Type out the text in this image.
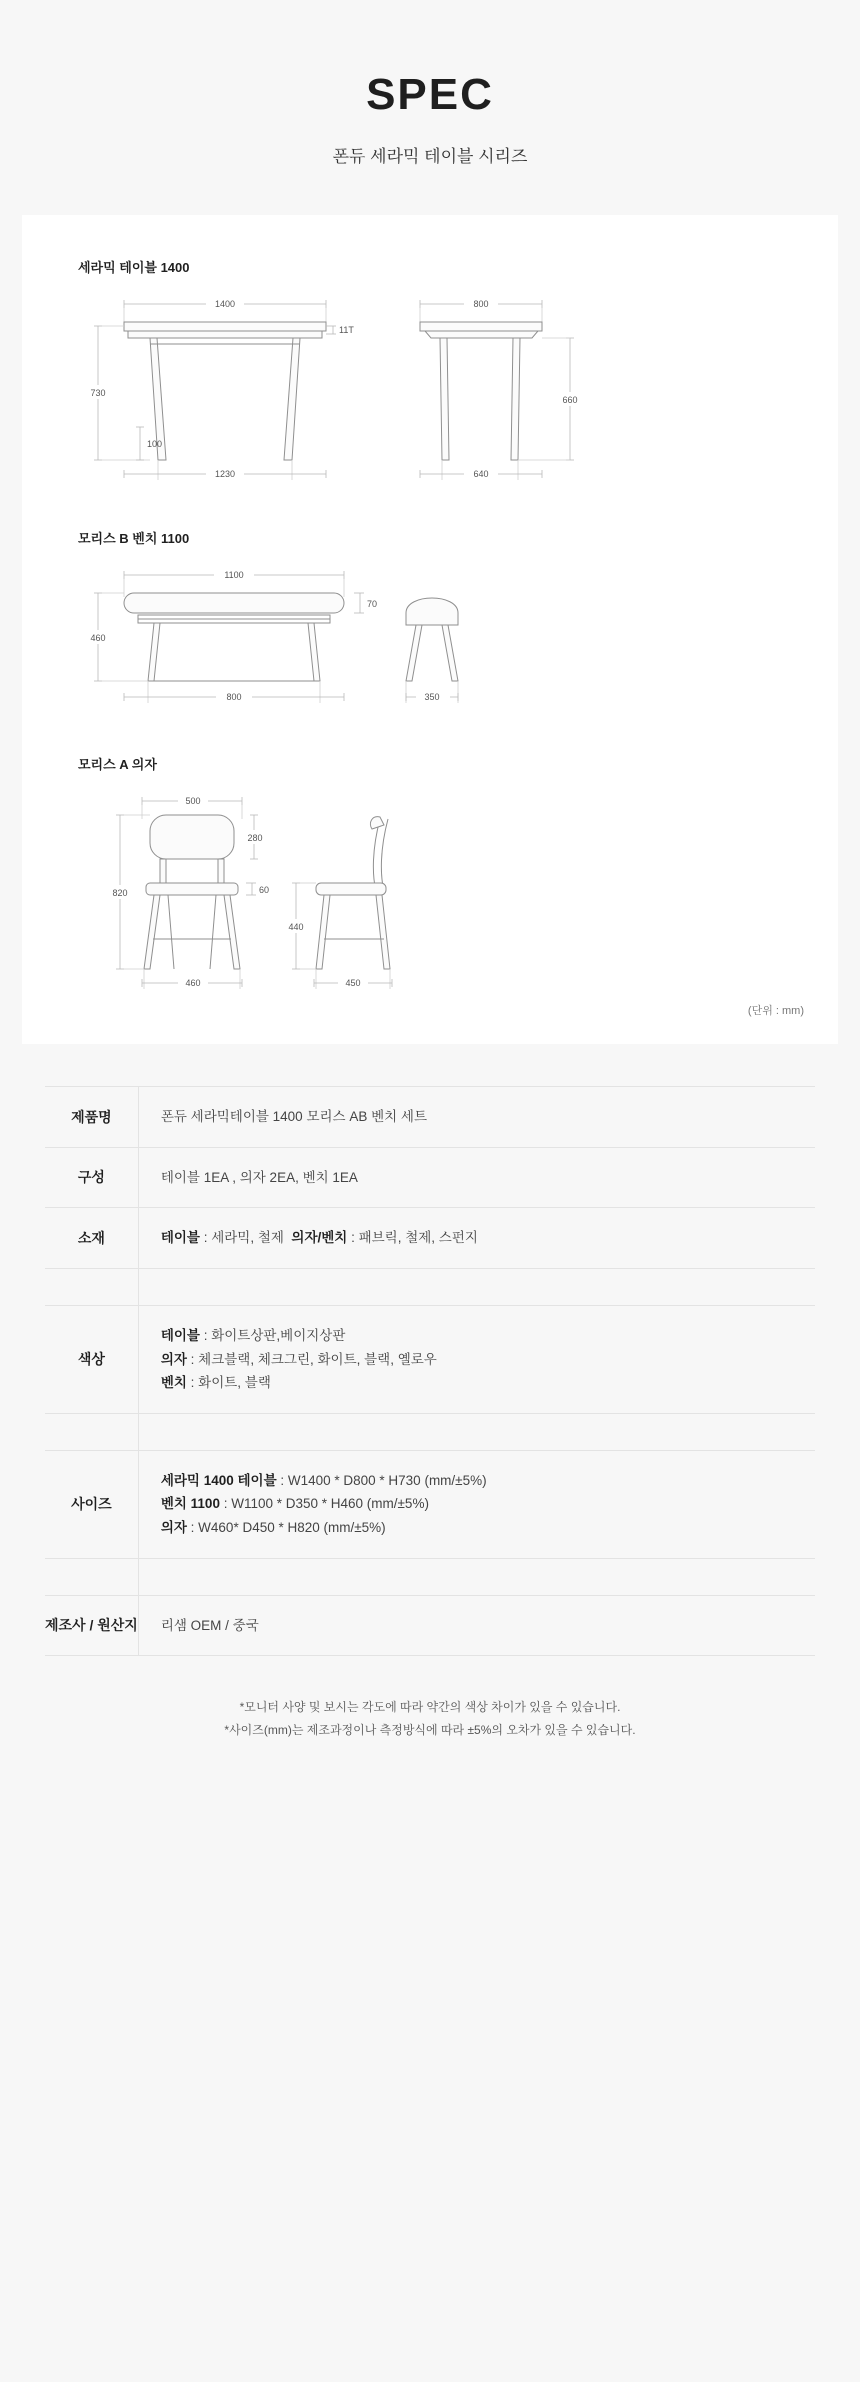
SPEC
폰듀 세라믹 테이블 시리즈
세라믹 테이블 1400
1400
11T
730
100
1230
800
660
640
모리스 B 벤치 1100
1100
70
460
800	350
모리스 A 의자
500
280
60
820
460
440
450
(단위 : mm)
제품명	폰듀 세라믹테이블 1400 모리스 AB 벤치 세트
구성	테이블 1EA , 의자 2EA, 벤치 1EA
소재	테이블 : 세라믹, 철제  의자/벤치 : 패브릭, 철제, 스펀지

색상	테이블 : 화이트상판,베이지상판
의자 : 체크블랙, 체크그린, 화이트, 블랙, 옐로우
벤치 : 화이트, 블랙

사이즈	세라믹 1400 테이블 : W1400 * D800 * H730 (mm/±5%)
벤치 1100 : W1100 * D350 * H460 (mm/±5%)
의자 : W460* D450 * H820 (mm/±5%)

제조사 / 원산지	리샘 OEM / 중국
*모니터 사양 및 보시는 각도에 따라 약간의 색상 차이가 있을 수 있습니다.
*사이즈(mm)는 제조과정이나 측정방식에 따라 ±5%의 오차가 있을 수 있습니다.
